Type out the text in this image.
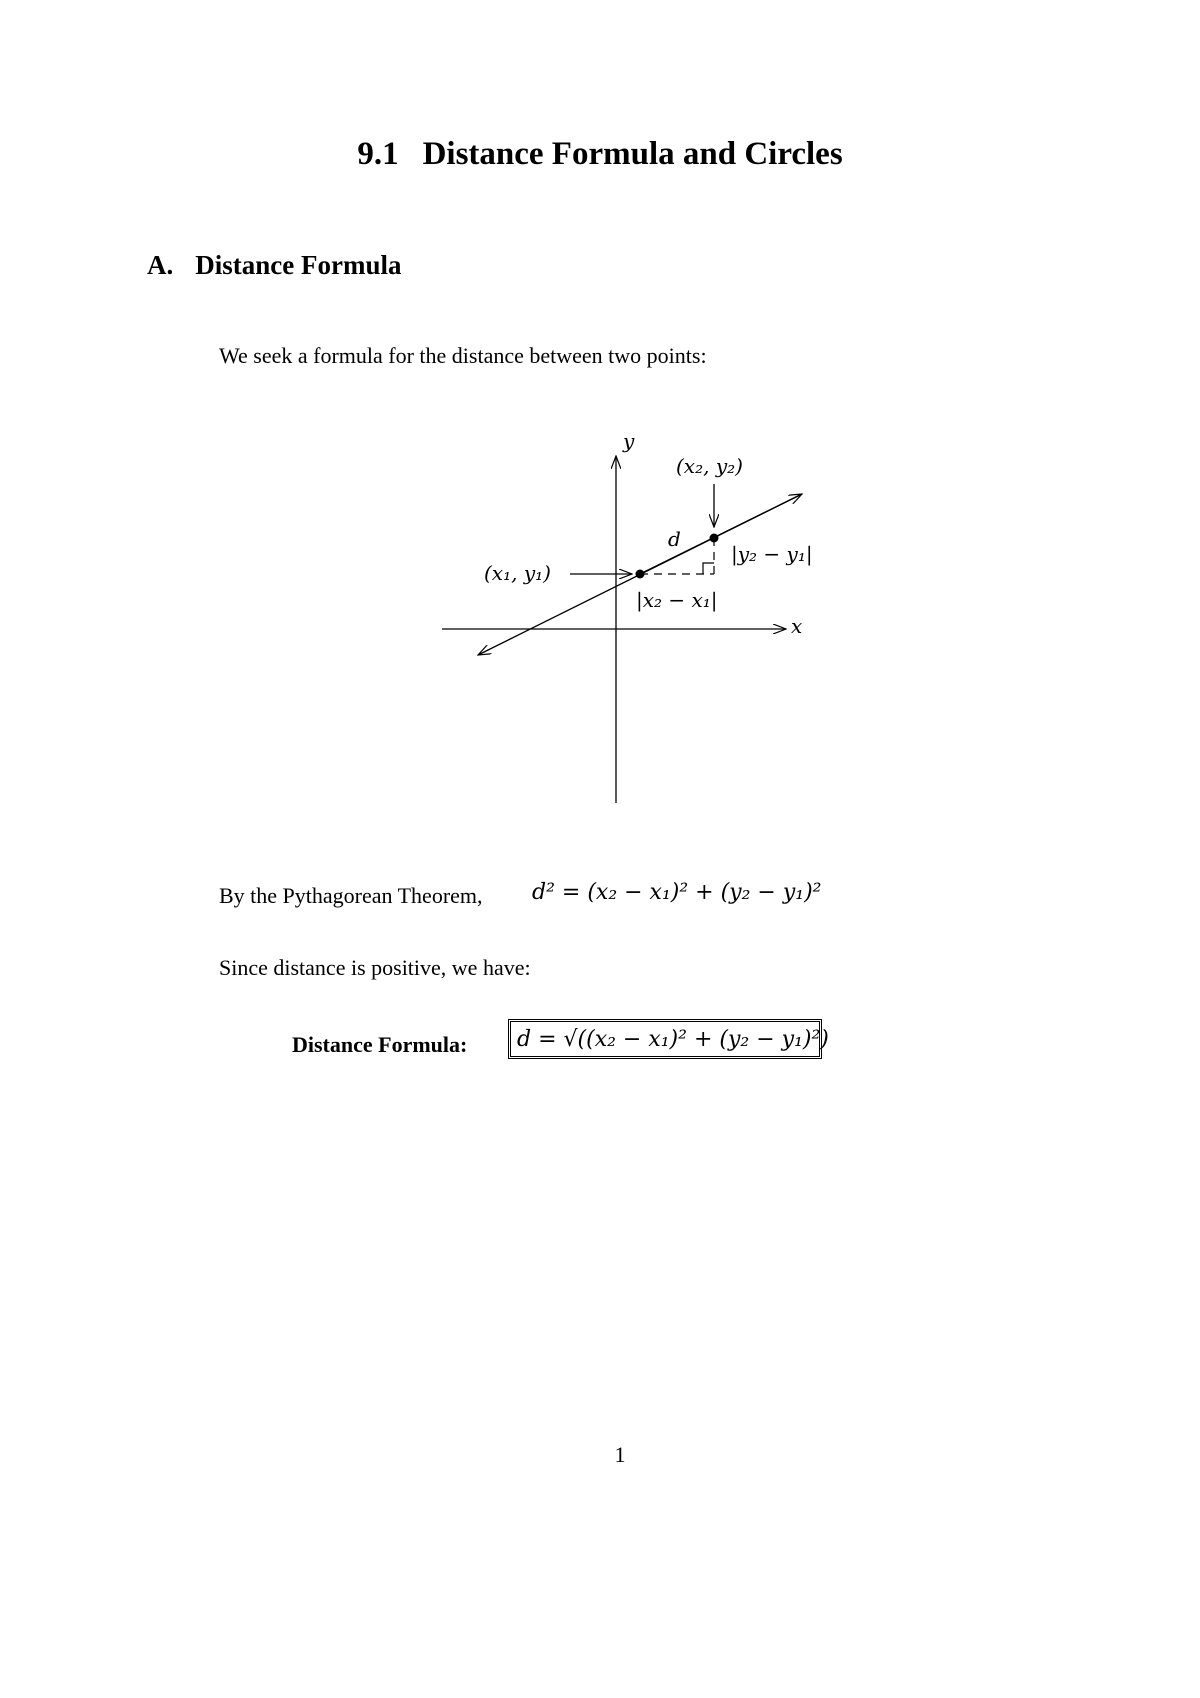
9.1 Distance Formula and Circles
A. Distance Formula
We seek a formula for the distance between two points:
y
x
(x₂, y₂)
(x₁, y₁)
d
|y₂ − y₁|
|x₂ − x₁|
By the Pythagorean Theorem, d² = (x₂ − x₁)² + (y₂ − y₁)²
Since distance is positive, we have:
Distance Formula: d = √((x₂ − x₁)² + (y₂ − y₁)²)
1
